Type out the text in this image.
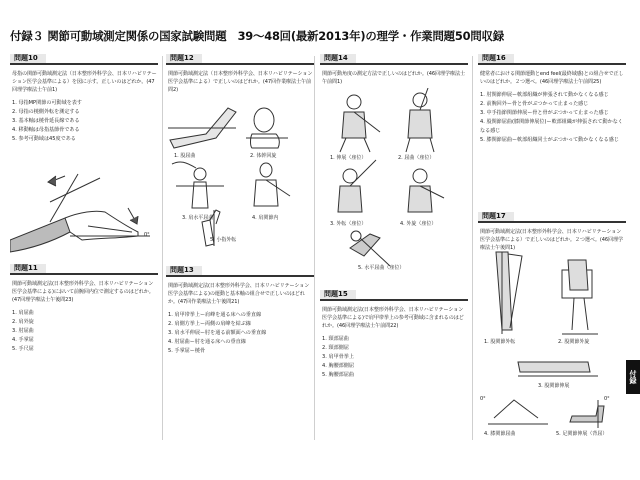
付録３ 関節可動域測定関係の国家試験問題　39〜48回(最新2013年)の理学・作業問題50問収録
付録
問題10
母指の関節可動域測定法（日本整形外科学会、日本リハビリテーション医学会基準による）を図に示す。正しいのはどれか。(47回理学療法士午前1)
1. 母指MP関節の可動域を表す
2. 母指の橈側外転を測定する
3. 基本軸は橈骨延長線である
4. 移動軸は母指基節骨である
5. 参考可動域は45度である
0°
問題11
関節可動域測定法(日本整形外科学会、日本リハビリテーション医学会基準による)において前腕回内位で測定するのはどれか。(47回理学療法士午後問23)
1. 肩屈曲
2. 肩外旋
3. 肘屈曲
4. 手掌屈
5. 手尺屈
問題12
関節可動域測定法（日本整形外科学会、日本リハビリテーション医学会基準による）で正しいのはどれか。(47回作業療法士午前問2)
1. 股屈曲	2. 体幹回旋
3. 肩水平屈曲	4. 肩関節内
5. 小指外転
問題13
関節可動域測定法(日本整形外科学会、日本リハビリテーション医学会基準による)の運動と基本軸の組合せで正しいのはどれか。(47回作業療法士午後問21)
1. 肩甲帯挙上ー肩峰を通る床への垂直線
2. 肩側方挙上ー両側の肩峰を結ぶ線
3. 肩水平伸展ー肘を通る前額面への垂直線
4. 肘屈曲ー肘を通る床への垂直線
5. 手掌屈ー橈骨
問題14
関節可動角度の測定方法で正しいのはどれか。(46回理学療法士午前問1)
1. 伸展（座位）	2. 屈曲（座位）
3. 外転（座位）	4. 外旋（座位）
5. 水平屈曲（座位）
問題15
関節可動域測定法(日本整形外科学会、日本リハビリテーション医学会基準による)で肩甲帯挙上の参考可動域に含まれるのはどれか。(46回理学療法士午前問22)
1. 頸部屈曲
2. 頸部側屈
3. 肩甲骨挙上
4. 胸腰部側屈
5. 胸腰部屈曲
問題16
健常者における関節運動とend feel(最終域感)との組合せで正しいのはどれか。２つ選べ。(46回理学療法士午前問25)
1. 肘関節伸展ー軟部組織が伸張されて動かなくなる感じ
2. 前腕回外ー骨と骨がぶつかって止まった感じ
3. 中手指節関節伸展ー骨と骨がぶつかって止まった感じ
4. 股関節屈曲(膝関節伸展位)ー軟部組織が伸張されて動かなくなる感じ
5. 膝関節屈曲ー軟部組織同士がぶつかって動かなくなる感じ
問題17
関節可動域測定法(日本整形外科学会、日本リハビリテーション医学会基準による）で正しいのはどれか。２つ選べ。(46回理学療法士午後問1)
1. 股関節外転	2. 股関節外旋
3. 股関節伸展
4. 膝関節屈曲	5. 足関節伸展（背屈）
0°	0°
